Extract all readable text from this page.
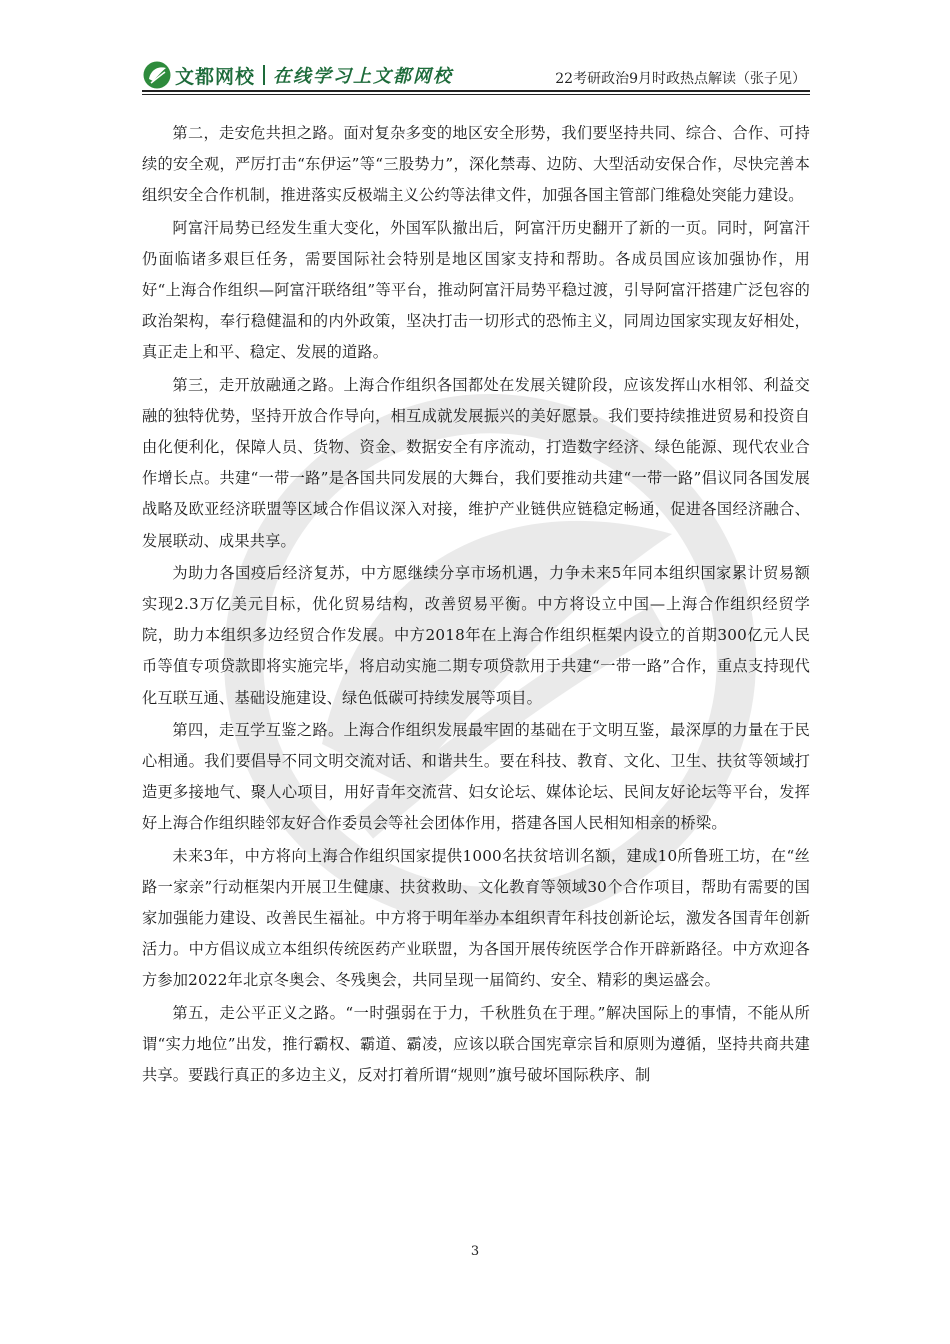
文都网校 在线学习上文都网校	22考研政治9月时政热点解读（张子见）

第二，走安危共担之路。面对复杂多变的地区安全形势，我们要坚持共同、综合、合作、可持续的安全观，严厉打击“东伊运”等“三股势力”，深化禁毒、边防、大型活动安保合作，尽快完善本组织安全合作机制，推进落实反极端主义公约等法律文件，加强各国主管部门维稳处突能力建设。

阿富汗局势已经发生重大变化，外国军队撤出后，阿富汗历史翻开了新的一页。同时，阿富汗仍面临诸多艰巨任务，需要国际社会特别是地区国家支持和帮助。各成员国应该加强协作，用好“上海合作组织—阿富汗联络组”等平台，推动阿富汗局势平稳过渡，引导阿富汗搭建广泛包容的政治架构，奉行稳健温和的内外政策，坚决打击一切形式的恐怖主义，同周边国家实现友好相处，真正走上和平、稳定、发展的道路。

第三，走开放融通之路。上海合作组织各国都处在发展关键阶段，应该发挥山水相邻、利益交融的独特优势，坚持开放合作导向，相互成就发展振兴的美好愿景。我们要持续推进贸易和投资自由化便利化，保障人员、货物、资金、数据安全有序流动，打造数字经济、绿色能源、现代农业合作增长点。共建“一带一路”是各国共同发展的大舞台，我们要推动共建“一带一路”倡议同各国发展战略及欧亚经济联盟等区域合作倡议深入对接，维护产业链供应链稳定畅通，促进各国经济融合、发展联动、成果共享。

为助力各国疫后经济复苏，中方愿继续分享市场机遇，力争未来5年同本组织国家累计贸易额实现2.3万亿美元目标，优化贸易结构，改善贸易平衡。中方将设立中国—上海合作组织经贸学院，助力本组织多边经贸合作发展。中方2018年在上海合作组织框架内设立的首期300亿元人民币等值专项贷款即将实施完毕，将启动实施二期专项贷款用于共建“一带一路”合作，重点支持现代化互联互通、基础设施建设、绿色低碳可持续发展等项目。

第四，走互学互鉴之路。上海合作组织发展最牢固的基础在于文明互鉴，最深厚的力量在于民心相通。我们要倡导不同文明交流对话、和谐共生。要在科技、教育、文化、卫生、扶贫等领域打造更多接地气、聚人心项目，用好青年交流营、妇女论坛、媒体论坛、民间友好论坛等平台，发挥好上海合作组织睦邻友好合作委员会等社会团体作用，搭建各国人民相知相亲的桥梁。

未来3年，中方将向上海合作组织国家提供1000名扶贫培训名额，建成10所鲁班工坊，在“丝路一家亲”行动框架内开展卫生健康、扶贫救助、文化教育等领域30个合作项目，帮助有需要的国家加强能力建设、改善民生福祉。中方将于明年举办本组织青年科技创新论坛，激发各国青年创新活力。中方倡议成立本组织传统医药产业联盟，为各国开展传统医学合作开辟新路径。中方欢迎各方参加2022年北京冬奥会、冬残奥会，共同呈现一届简约、安全、精彩的奥运盛会。

第五，走公平正义之路。“一时强弱在于力，千秋胜负在于理。”解决国际上的事情，不能从所谓“实力地位”出发，推行霸权、霸道、霸凌，应该以联合国宪章宗旨和原则为遵循，坚持共商共建共享。要践行真正的多边主义，反对打着所谓“规则”旗号破坏国际秩序、制

3
